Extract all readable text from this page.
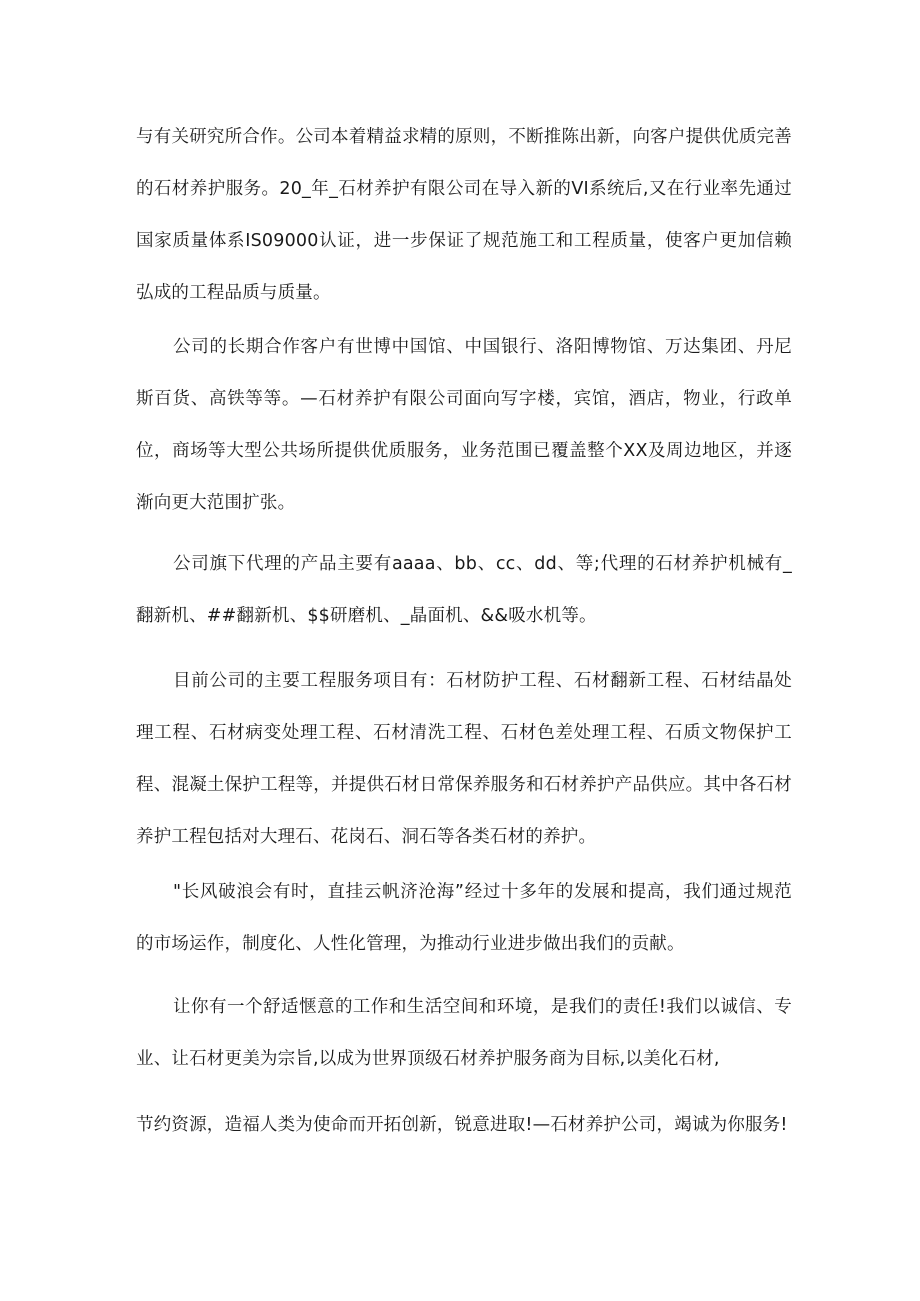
与有关研究所合作。公司本着精益求精的原则，不断推陈出新，向客户提供优质完善的石材养护服务。20_年_石材养护有限公司在导入新的VI系统后,又在行业率先通过国家质量体系IS09000认证，进一步保证了规范施工和工程质量，使客户更加信赖弘成的工程品质与质量。

公司的长期合作客户有世博中国馆、中国银行、洛阳博物馆、万达集团、丹尼斯百货、高铁等等。—石材养护有限公司面向写字楼，宾馆，酒店，物业，行政单位，商场等大型公共场所提供优质服务，业务范围已覆盖整个XX及周边地区，并逐渐向更大范围扩张。

公司旗下代理的产品主要有aaaa、bb、cc、dd、等;代理的石材养护机械有_翻新机、##翻新机、$$研磨机、_晶面机、&&吸水机等。

目前公司的主要工程服务项目有：石材防护工程、石材翻新工程、石材结晶处理工程、石材病变处理工程、石材清洗工程、石材色差处理工程、石质文物保护工程、混凝土保护工程等，并提供石材日常保养服务和石材养护产品供应。其中各石材养护工程包括对大理石、花岗石、洞石等各类石材的养护。

"长风破浪会有时，直挂云帆济沧海”经过十多年的发展和提高，我们通过规范的市场运作，制度化、人性化管理，为推动行业进步做出我们的贡献。

让你有一个舒适惬意的工作和生活空间和环境，是我们的责任!我们以诚信、专业、让石材更美为宗旨,以成为世界顶级石材养护服务商为目标,以美化石材,

节约资源，造福人类为使命而开拓创新，锐意进取!—石材养护公司，竭诚为你服务!
